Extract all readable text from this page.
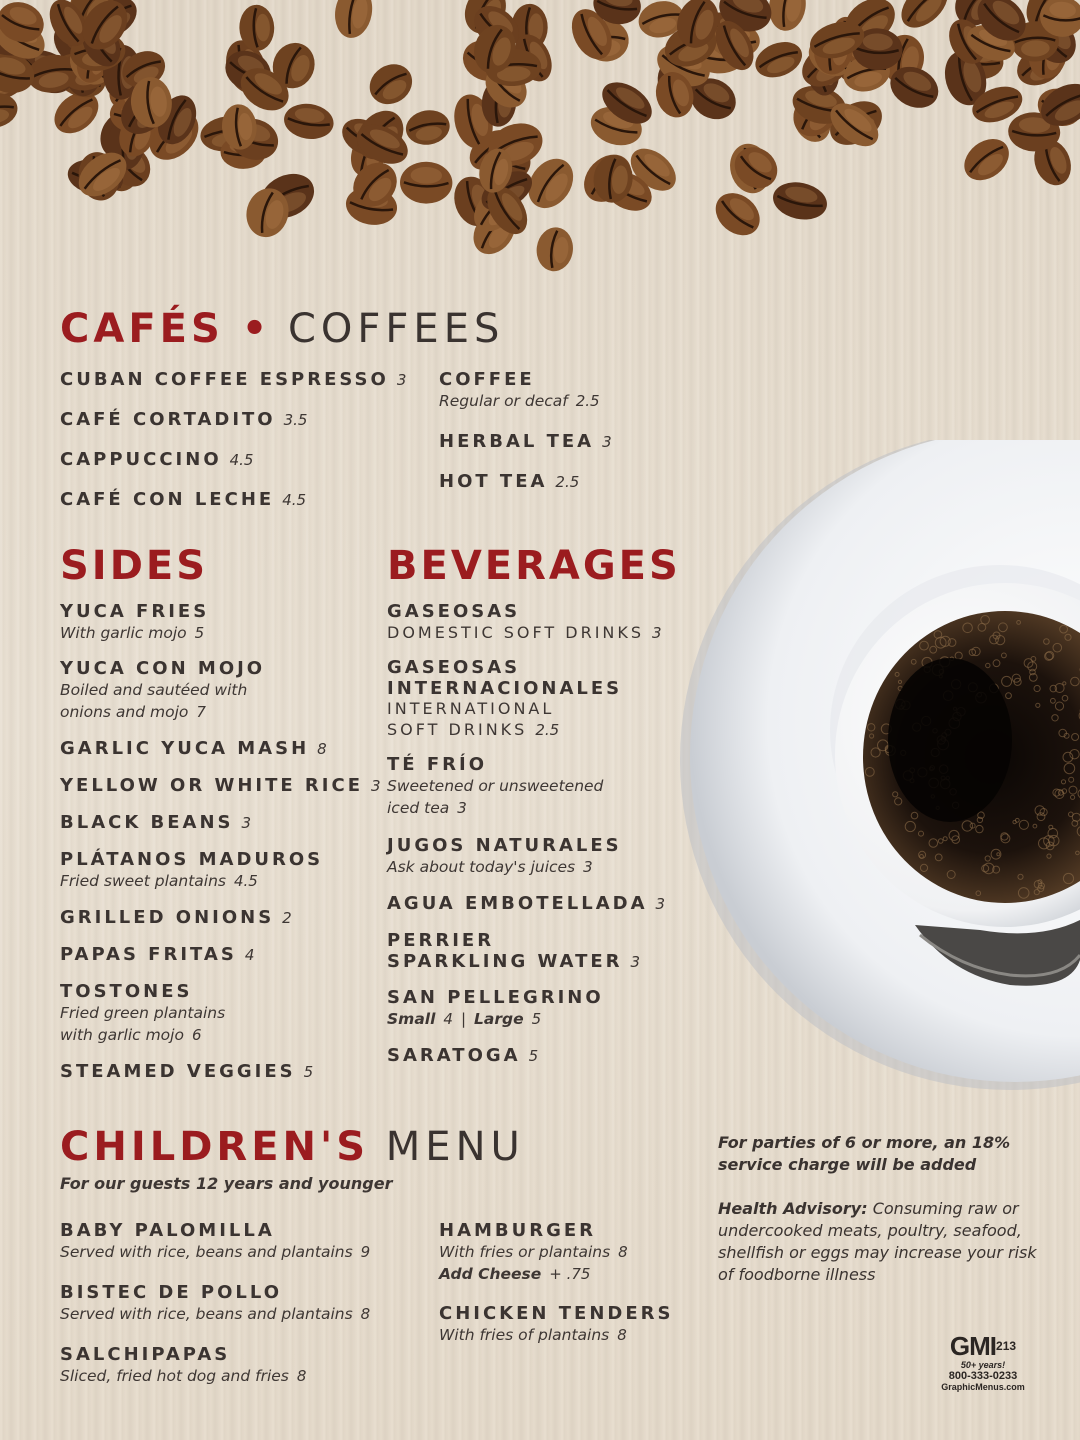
CAFÉS • COFFEES
CUBAN COFFEE ESPRESSO 3
CAFÉ CORTADITO 3.5
CAPPUCCINO 4.5
CAFÉ CON LECHE 4.5
COFFEE
Regular or decaf 2.5
HERBAL TEA 3
HOT TEA 2.5
SIDES
YUCA FRIES
With garlic mojo 5
YUCA CON MOJO
Boiled and sautéed with
onions and mojo 7
GARLIC YUCA MASH 8
YELLOW OR WHITE RICE 3
BLACK BEANS 3
PLÁTANOS MADUROS
Fried sweet plantains 4.5
GRILLED ONIONS 2
PAPAS FRITAS 4
TOSTONES
Fried green plantains
with garlic mojo 6
STEAMED VEGGIES 5
BEVERAGES
GASEOSAS
DOMESTIC SOFT DRINKS 3
GASEOSAS
INTERNACIONALES
INTERNATIONAL
SOFT DRINKS 2.5
TÉ FRÍO
Sweetened or unsweetened
iced tea 3
JUGOS NATURALES
Ask about today's juices 3
AGUA EMBOTELLADA 3
PERRIER
SPARKLING WATER 3
SAN PELLEGRINO
Small 4 | Large 5
SARATOGA 5
CHILDREN'S MENU
For our guests 12 years and younger
BABY PALOMILLA
Served with rice, beans and plantains 9
BISTEC DE POLLO
Served with rice, beans and plantains 8
SALCHIPAPAS
Sliced, fried hot dog and fries 8
HAMBURGER
With fries or plantains 8
Add Cheese + .75
CHICKEN TENDERS
With fries of plantains 8

For parties of 6 or more, an 18% service charge will be added

Health Advisory: Consuming raw or undercooked meats, poultry, seafood, shellfish or eggs may increase your risk of foodborne illness

GMI$^{213}$
50+ years!
800-333-0233
GraphicMenus.com
